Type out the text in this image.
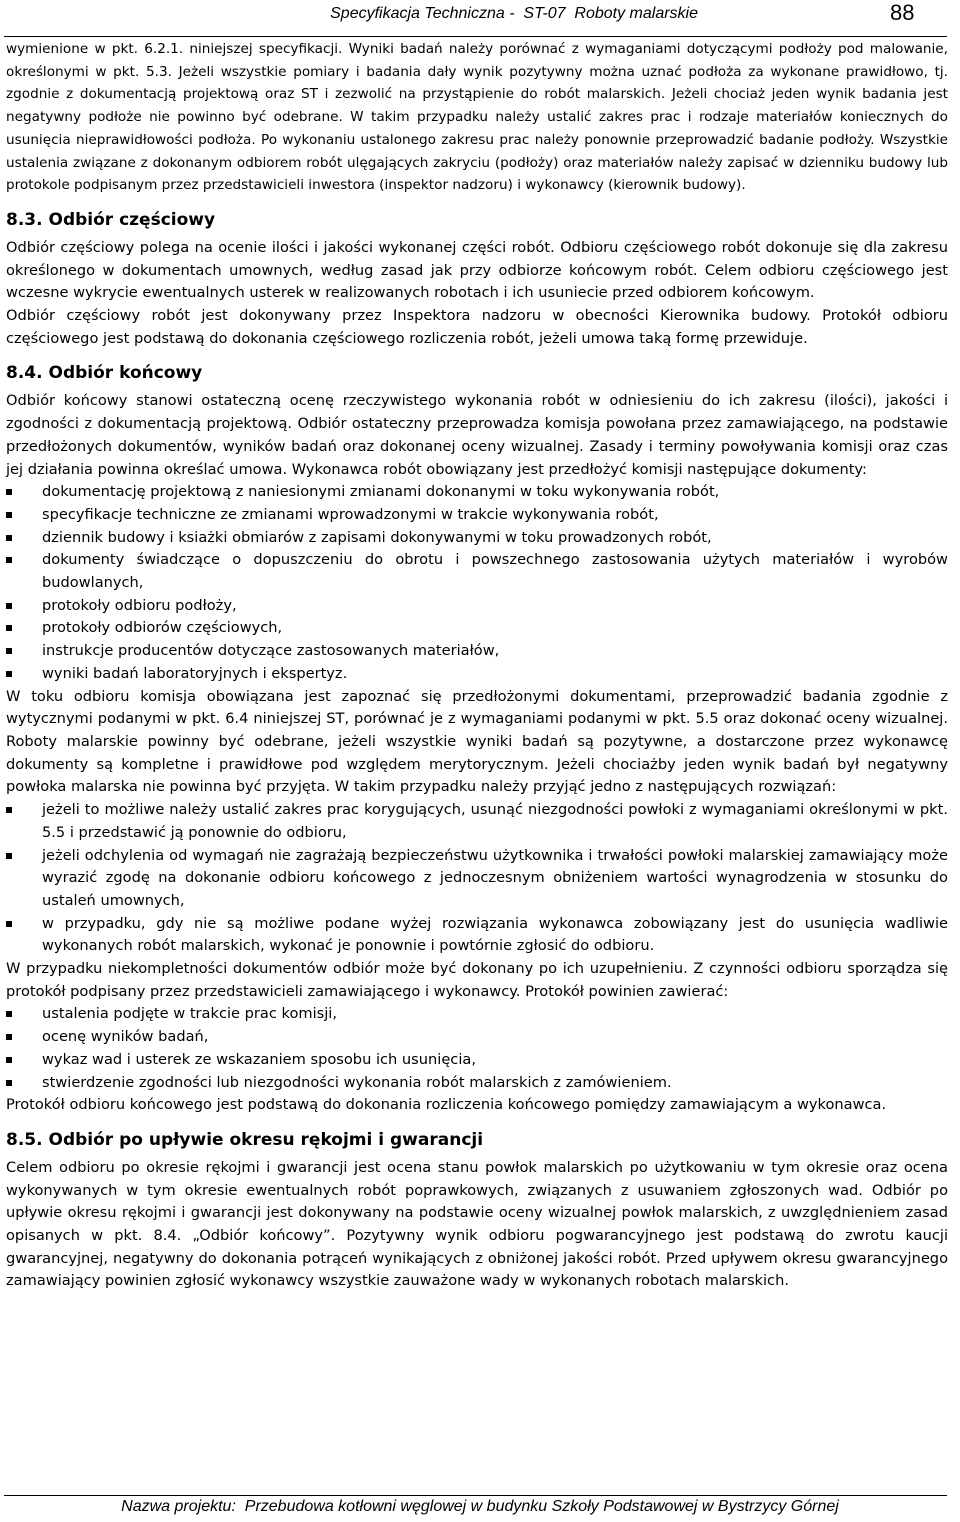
Specyfikacja Techniczna -  ST-07  Roboty malarskie	88

wymienione w pkt. 6.2.1. niniejszej specyfikacji. Wyniki badań należy porównać z wymaganiami dotyczącymi podłoży pod malowanie, określonymi w pkt. 5.3. Jeżeli wszystkie pomiary i badania dały wynik pozytywny można uznać podłoża za wykonane prawidłowo, tj. zgodnie z dokumentacją projektową oraz ST i zezwolić na przystąpienie do robót malarskich. Jeżeli chociaż jeden wynik badania jest negatywny podłoże nie powinno być odebrane. W takim przypadku należy ustalić zakres prac i rodzaje materiałów koniecznych do usunięcia nieprawidłowości podłoża. Po wykonaniu ustalonego zakresu prac należy ponownie przeprowadzić badanie podłoży. Wszystkie ustalenia związane z dokonanym odbiorem robót ulęgających zakryciu (podłoży) oraz materiałów należy zapisać w dzienniku budowy lub protokole podpisanym przez przedstawicieli inwestora (inspektor nadzoru) i wykonawcy (kierownik budowy).

8.3. Odbiór częściowy

Odbiór częściowy polega na ocenie ilości i jakości wykonanej części robót. Odbioru częściowego robót dokonuje się dla zakresu określonego w dokumentach umownych, według zasad jak przy odbiorze końcowym robót. Celem odbioru częściowego jest wczesne wykrycie ewentualnych usterek w realizowanych robotach i ich usuniecie przed odbiorem końcowym.

Odbiór częściowy robót jest dokonywany przez Inspektora nadzoru w obecności Kierownika budowy. Protokół odbioru częściowego jest podstawą do dokonania częściowego rozliczenia robót, jeżeli umowa taką formę przewiduje.

8.4. Odbiór końcowy

Odbiór końcowy stanowi ostateczną ocenę rzeczywistego wykonania robót w odniesieniu do ich zakresu (ilości), jakości i zgodności z dokumentacją projektową. Odbiór ostateczny przeprowadza komisja powołana przez zamawiającego, na podstawie przedłożonych dokumentów, wyników badań oraz dokonanej oceny wizualnej. Zasady i terminy powoływania komisji oraz czas jej działania powinna określać umowa. Wykonawca robót obowiązany jest przedłożyć komisji następujące dokumenty:

dokumentację projektową z naniesionymi zmianami dokonanymi w toku wykonywania robót,
specyfikacje techniczne ze zmianami wprowadzonymi w trakcie wykonywania robót,
dziennik budowy i ksiażki obmiarów z zapisami dokonywanymi w toku prowadzonych robót,
dokumenty świadczące o dopuszczeniu do obrotu i powszechnego zastosowania użytych materiałów i wyrobów budowlanych,
protokoły odbioru podłoży,
protokoły odbiorów częściowych,
instrukcje producentów dotyczące zastosowanych materiałów,
wyniki badań laboratoryjnych i ekspertyz.

W toku odbioru komisja obowiązana jest zapoznać się przedłożonymi dokumentami, przeprowadzić badania zgodnie z wytycznymi podanymi w pkt. 6.4 niniejszej ST, porównać je z wymaganiami podanymi w pkt. 5.5 oraz dokonać oceny wizualnej. Roboty malarskie powinny być odebrane, jeżeli wszystkie wyniki badań są pozytywne, a dostarczone przez wykonawcę dokumenty są kompletne i prawidłowe pod względem merytorycznym. Jeżeli chociażby jeden wynik badań był negatywny powłoka malarska nie powinna być przyjęta. W takim przypadku należy przyjąć jedno z następujących rozwiązań:

jeżeli to możliwe należy ustalić zakres prac korygujących, usunąć niezgodności powłoki z wymaganiami określonymi w pkt. 5.5 i przedstawić ją ponownie do odbioru,
jeżeli odchylenia od wymagań nie zagrażają bezpieczeństwu użytkownika i trwałości powłoki malarskiej zamawiający może wyrazić zgodę na dokonanie odbioru końcowego z jednoczesnym obniżeniem wartości wynagrodzenia w stosunku do ustaleń umownych,
w przypadku, gdy nie są możliwe podane wyżej rozwiązania wykonawca zobowiązany jest do usunięcia wadliwie wykonanych robót malarskich, wykonać je ponownie i powtórnie zgłosić do odbioru.

W przypadku niekompletności dokumentów odbiór może być dokonany po ich uzupełnieniu. Z czynności odbioru sporządza się protokół podpisany przez przedstawicieli zamawiającego i wykonawcy. Protokół powinien zawierać:

ustalenia podjęte w trakcie prac komisji,
ocenę wyników badań,
wykaz wad i usterek ze wskazaniem sposobu ich usunięcia,
stwierdzenie zgodności lub niezgodności wykonania robót malarskich z zamówieniem.

Protokół odbioru końcowego jest podstawą do dokonania rozliczenia końcowego pomiędzy zamawiającym a wykonawca.

8.5. Odbiór po upływie okresu rękojmi i gwarancji

Celem odbioru po okresie rękojmi i gwarancji jest ocena stanu powłok malarskich po użytkowaniu w tym okresie oraz ocena wykonywanych w tym okresie ewentualnych robót poprawkowych, związanych z usuwaniem zgłoszonych wad. Odbiór po upływie okresu rękojmi i gwarancji jest dokonywany na podstawie oceny wizualnej powłok malarskich, z uwzględnieniem zasad opisanych w pkt. 8.4. „Odbiór końcowy”. Pozytywny wynik odbioru pogwarancyjnego jest podstawą do zwrotu kaucji gwarancyjnej, negatywny do dokonania potrąceń wynikających z obniżonej jakości robót. Przed upływem okresu gwarancyjnego zamawiający powinien zgłosić wykonawcy wszystkie zauważone wady w wykonanych robotach malarskich.

Nazwa projektu:  Przebudowa kotłowni węglowej w budynku Szkoły Podstawowej w Bystrzycy Górnej
